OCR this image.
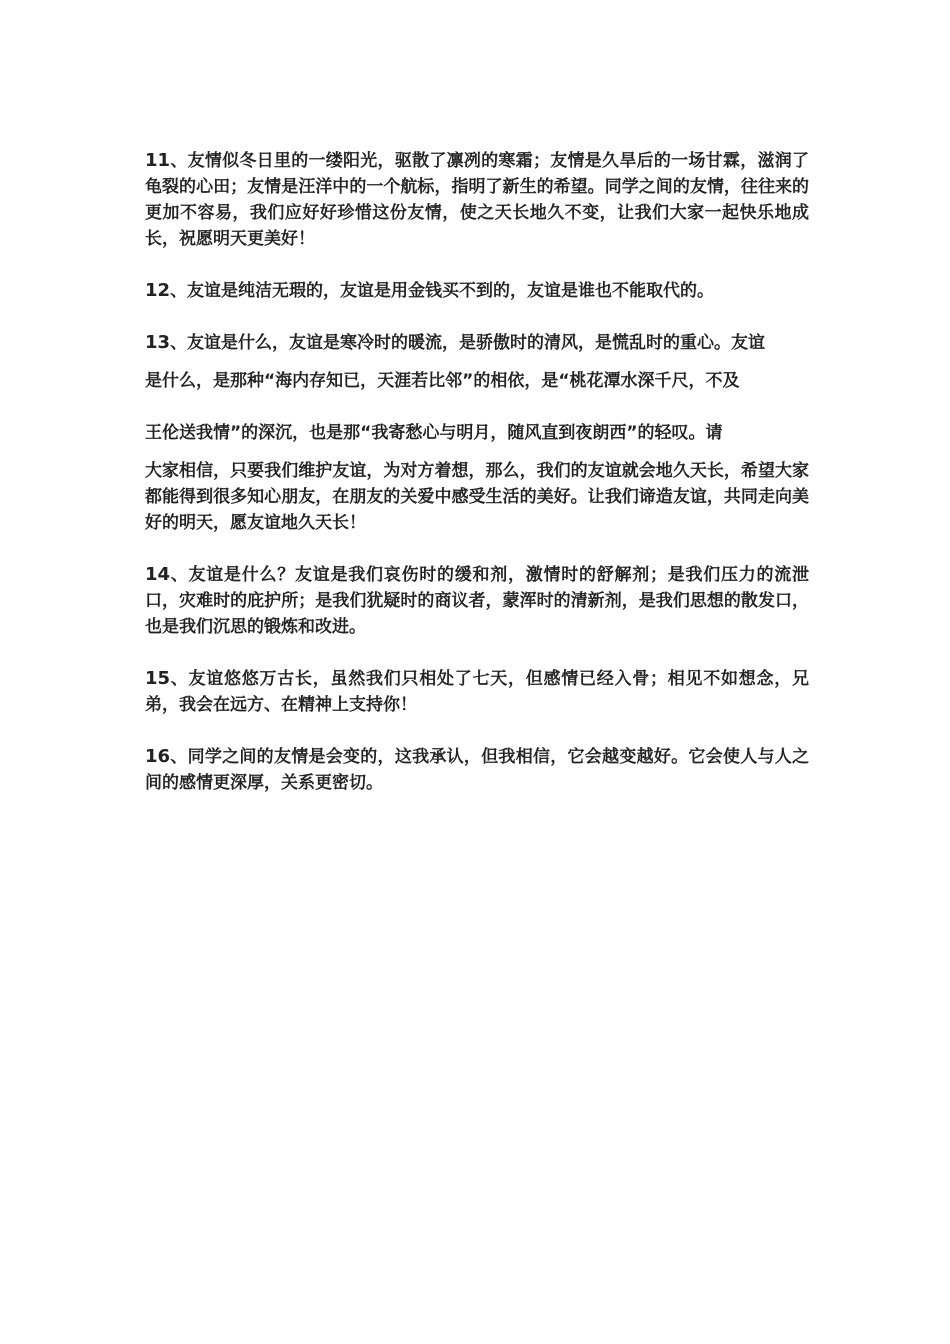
11、友情似冬日里的一缕阳光，驱散了凛冽的寒霜；友情是久旱后的一场甘霖，滋润了龟裂的心田；友情是汪洋中的一个航标，指明了新生的希望。同学之间的友情，往往来的更加不容易，我们应好好珍惜这份友情，使之天长地久不变，让我们大家一起快乐地成长，祝愿明天更美好！

12、友谊是纯洁无瑕的，友谊是用金钱买不到的，友谊是谁也不能取代的。

13、友谊是什么，友谊是寒冷时的暖流，是骄傲时的清风，是慌乱时的重心。友谊

是什么，是那种“海内存知已，天涯若比邻”的相依，是“桃花潭水深千尺，不及

王伦送我情”的深沉，也是那“我寄愁心与明月，随风直到夜朗西”的轻叹。请

大家相信，只要我们维护友谊，为对方着想，那么，我们的友谊就会地久天长，希望大家都能得到很多知心朋友，在朋友的关爱中感受生活的美好。让我们谛造友谊，共同走向美好的明天，愿友谊地久天长！

14、友谊是什么？友谊是我们哀伤时的缓和剂，激情时的舒解剂；是我们压力的流泄口，灾难时的庇护所；是我们犹疑时的商议者，蒙浑时的清新剂，是我们思想的散发口，也是我们沉思的锻炼和改进。

15、友谊悠悠万古长，虽然我们只相处了七天，但感情已经入骨；相见不如想念，兄弟，我会在远方、在精神上支持你！

16、同学之间的友情是会变的，这我承认，但我相信，它会越变越好。它会使人与人之间的感情更深厚，关系更密切。
